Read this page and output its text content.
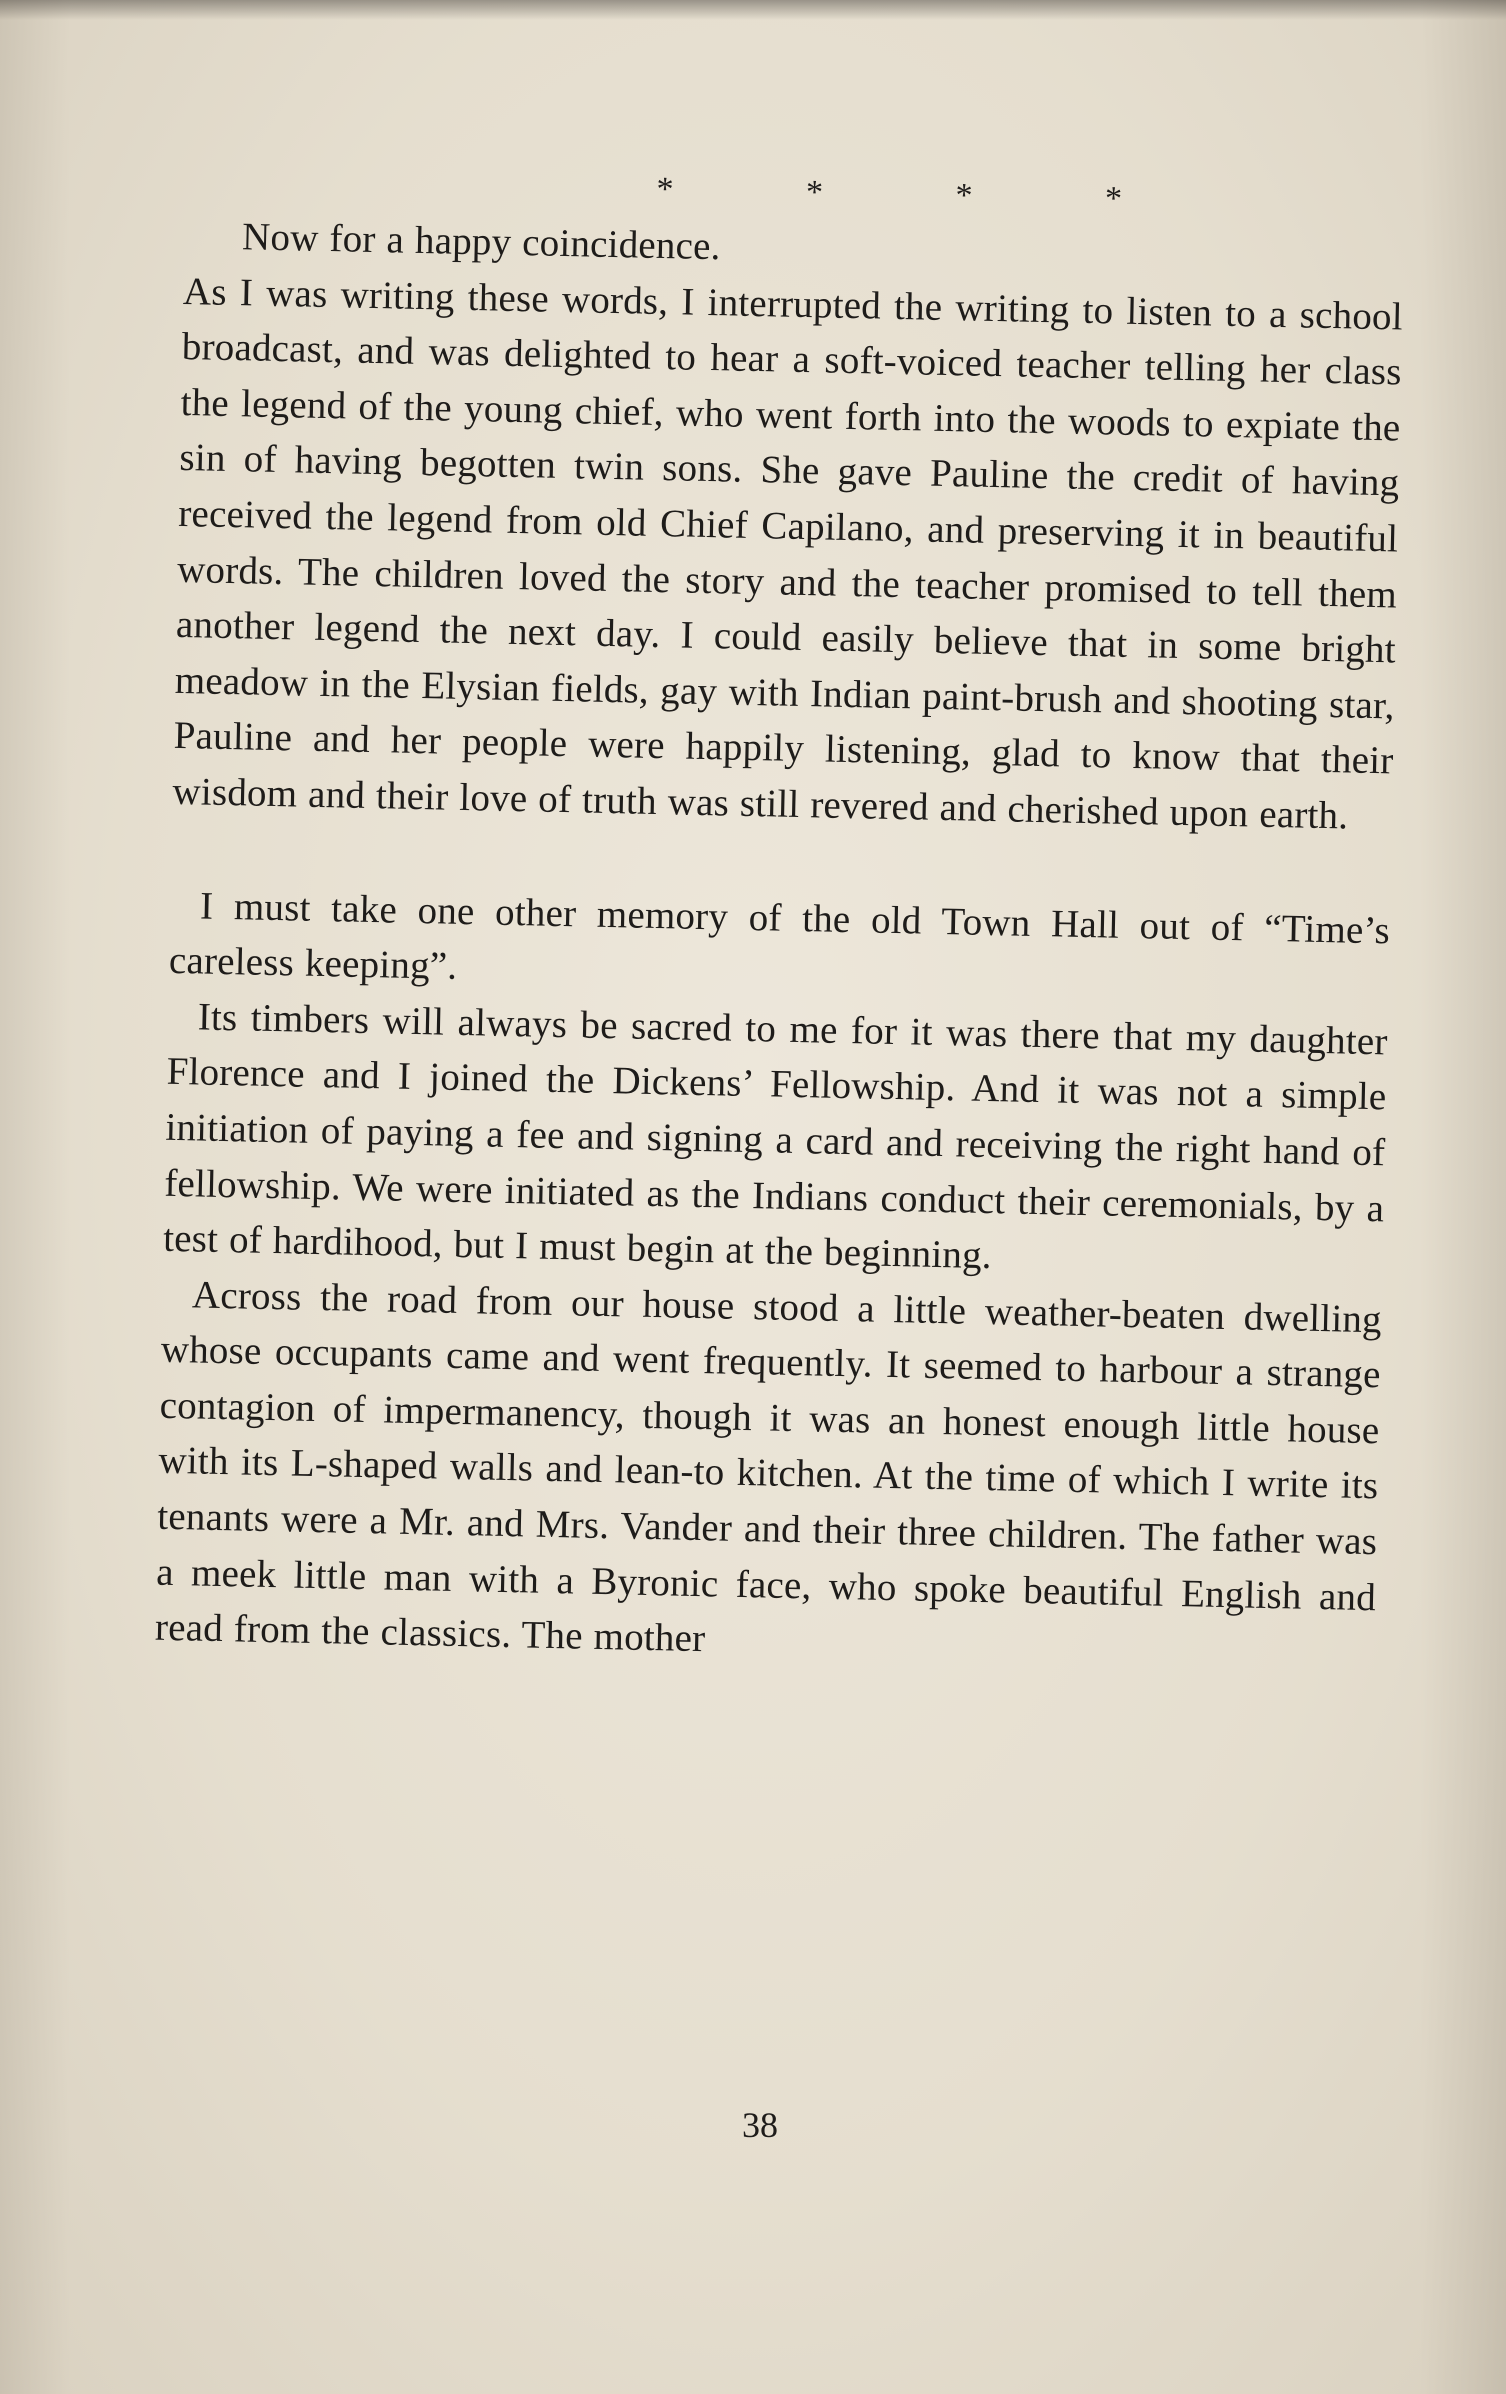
* * * *

Now for a happy coincidence.

As I was writing these words, I interrupted the writing to listen to a school broadcast, and was delighted to hear a soft-voiced teacher telling her class the legend of the young chief, who went forth into the woods to expiate the sin of having begotten twin sons. She gave Pauline the credit of having received the legend from old Chief Capilano, and preserving it in beautiful words. The children loved the story and the teacher promised to tell them another legend the next day. I could easily believe that in some bright meadow in the Elysian fields, gay with Indian paint-brush and shooting star, Pauline and her people were happily listening, glad to know that their wisdom and their love of truth was still revered and cherished upon earth.

I must take one other memory of the old Town Hall out of “Time’s careless keeping”.

Its timbers will always be sacred to me for it was there that my daughter Florence and I joined the Dickens’ Fellowship. And it was not a simple initiation of paying a fee and signing a card and receiving the right hand of fellowship. We were initiated as the Indians conduct their ceremonials, by a test of hardihood, but I must begin at the beginning.

Across the road from our house stood a little weather-beaten dwelling whose occupants came and went frequently. It seemed to harbour a strange contagion of impermanency, though it was an honest enough little house with its L-shaped walls and lean-to kitchen. At the time of which I write its tenants were a Mr. and Mrs. Vander and their three children. The father was a meek little man with a Byronic face, who spoke beautiful English and read from the classics. The mother

38
